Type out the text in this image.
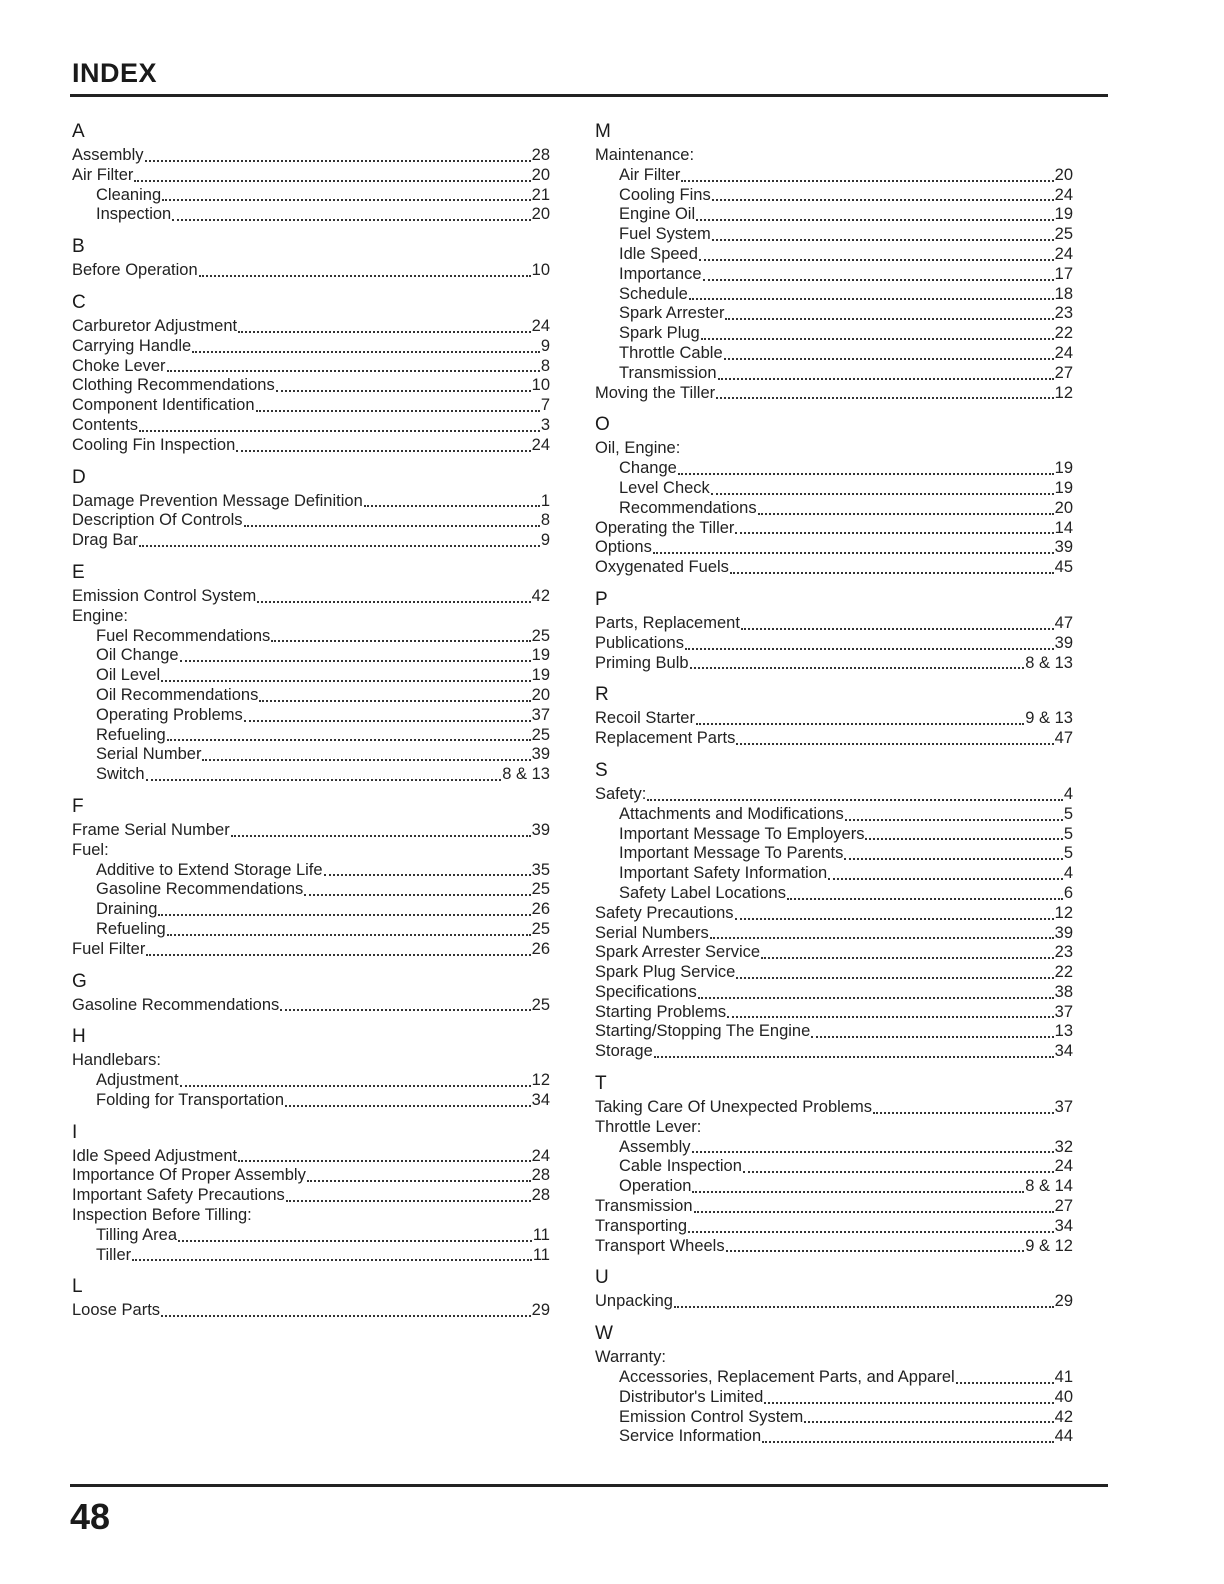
INDEX
A
Assembly	28
Air Filter	20
Cleaning	21
Inspection	20
B
Before Operation	10
C
Carburetor Adjustment	24
Carrying Handle	9
Choke Lever	8
Clothing Recommendations	10
Component Identification	7
Contents	3
Cooling Fin Inspection	24
D
Damage Prevention Message Definition	1
Description Of Controls	8
Drag Bar	9
E
Emission Control System	42
Engine:
Fuel Recommendations	25
Oil Change	19
Oil Level	19
Oil Recommendations	20
Operating Problems	37
Refueling	25
Serial Number	39
Switch	8 & 13
F
Frame Serial Number	39
Fuel:
Additive to Extend Storage Life	35
Gasoline Recommendations	25
Draining	26
Refueling	25
Fuel Filter	26
G
Gasoline Recommendations	25
H
Handlebars:
Adjustment	12
Folding for Transportation	34
I
Idle Speed Adjustment	24
Importance Of Proper Assembly	28
Important Safety Precautions	28
Inspection Before Tilling:
Tilling Area	11
Tiller	11
L
Loose Parts	29
M
Maintenance:
Air Filter	20
Cooling Fins	24
Engine Oil	19
Fuel System	25
Idle Speed	24
Importance	17
Schedule	18
Spark Arrester	23
Spark Plug	22
Throttle Cable	24
Transmission	27
Moving the Tiller	12
O
Oil, Engine:
Change	19
Level Check	19
Recommendations	20
Operating the Tiller	14
Options	39
Oxygenated Fuels	45
P
Parts, Replacement	47
Publications	39
Priming Bulb	8 & 13
R
Recoil Starter	9 & 13
Replacement Parts	47
S
Safety:	4
Attachments and Modifications	5
Important Message To Employers	5
Important Message To Parents	5
Important Safety Information	4
Safety Label Locations	6
Safety Precautions	12
Serial Numbers	39
Spark Arrester Service	23
Spark Plug Service	22
Specifications	38
Starting Problems	37
Starting/Stopping The Engine	13
Storage	34
T
Taking Care Of Unexpected Problems	37
Throttle Lever:
Assembly	32
Cable Inspection	24
Operation	8 & 14
Transmission	27
Transporting	34
Transport Wheels	9 & 12
U
Unpacking	29
W
Warranty:
Accessories, Replacement Parts, and Apparel	41
Distributor's Limited	40
Emission Control System	42
Service Information	44
48
